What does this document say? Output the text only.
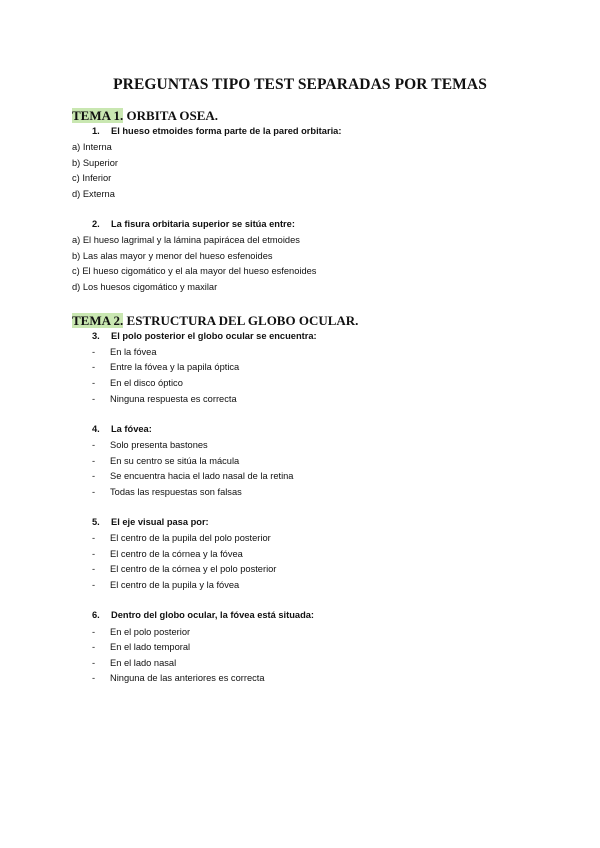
PREGUNTAS TIPO TEST SEPARADAS POR TEMAS
TEMA 1. ORBITA OSEA.
1. El hueso etmoides forma parte de la pared orbitaria:
a) Interna
b) Superior
c) Inferior
d) Externa
2. La fisura orbitaria superior se sitúa entre:
a) El hueso lagrimal y la lámina papirácea del etmoides
b) Las alas mayor y menor del hueso esfenoides
c) El hueso cigomático y el ala mayor del hueso esfenoides
d) Los huesos cigomático y maxilar
TEMA 2. ESTRUCTURA DEL GLOBO OCULAR.
3. El polo posterior el globo ocular se encuentra:
- En la fóvea
- Entre la fóvea y la papila óptica
- En el disco óptico
- Ninguna respuesta es correcta
4. La fóvea:
- Solo presenta bastones
- En su centro se sitúa la mácula
- Se encuentra hacia el lado nasal de la retina
- Todas las respuestas son falsas
5. El eje visual pasa por:
- El centro de la pupila del polo posterior
- El centro de la córnea y la fóvea
- El centro de la córnea y el polo posterior
- El centro de la pupila y la fóvea
6. Dentro del globo ocular, la fóvea está situada:
- En el polo posterior
- En el lado temporal
- En el lado nasal
- Ninguna de las anteriores es correcta
